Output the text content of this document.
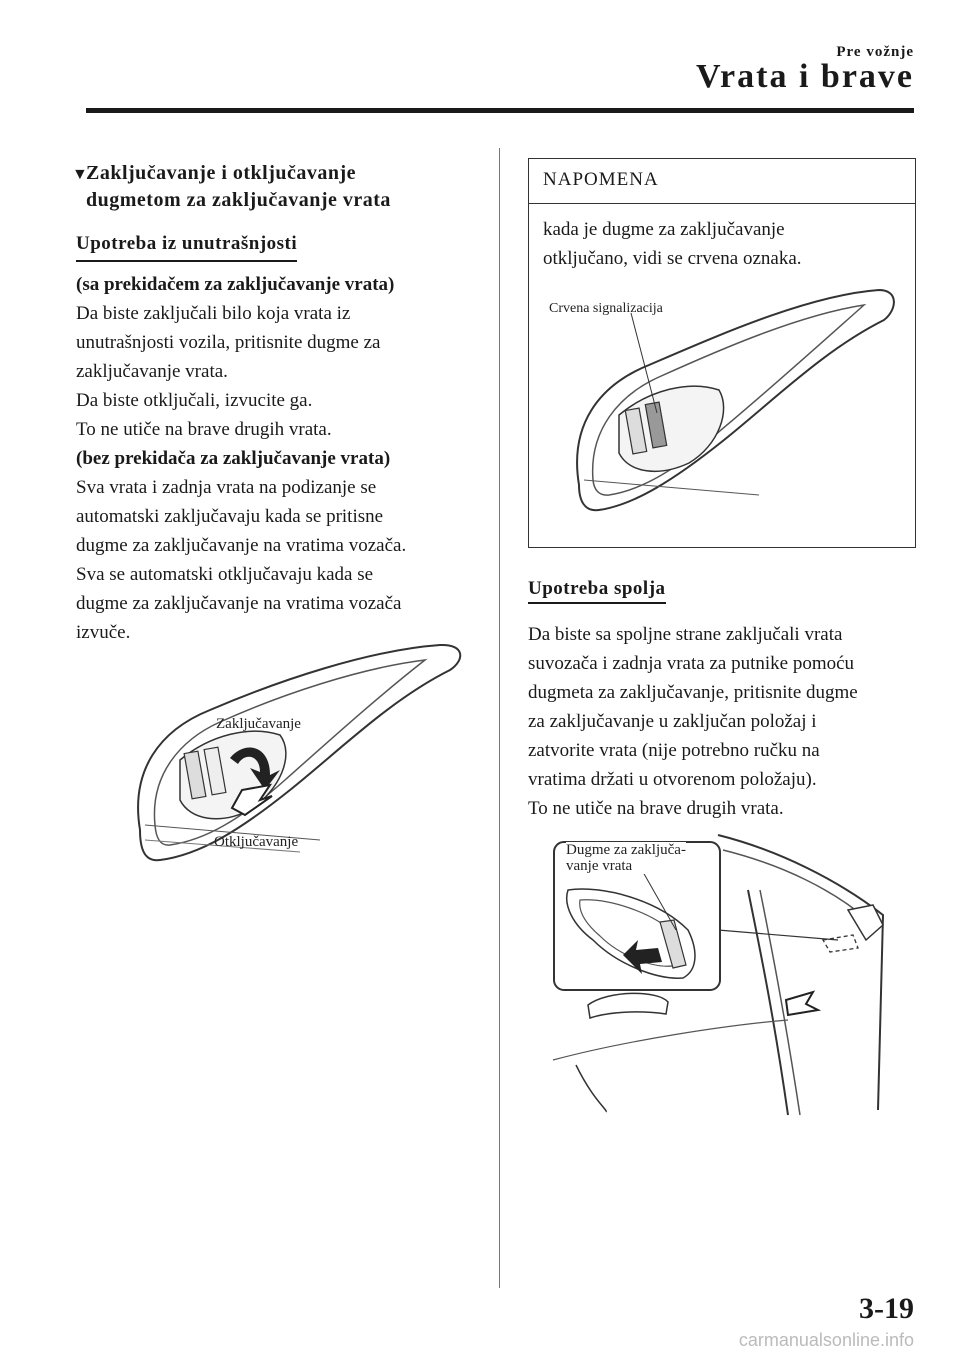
Pre vožnje
Vrata i brave
▼
Zaključavanje i otključavanje
dugmetom za zaključavanje vrata
Upotreba iz unutrašnjosti

(sa prekidačem za zaključavanje vrata)

Da biste zaključali bilo koja vrata iz

unutrašnjosti vozila, pritisnite dugme za

zaključavanje vrata.

Da biste otključali, izvucite ga.

To ne utiče na brave drugih vrata.

(bez prekidača za zaključavanje vrata)

Sva vrata i zadnja vrata na podizanje se

automatski zaključavaju kada se pritisne

dugme za zaključavanje na vratima vozača.

Sva se automatski otključavaju kada se

dugme za zaključavanje na vratima vozača

izvuče.

Zaključavanje
Otključavanje
NAPOMENA
kada je dugme za zaključavanje
otključano, vidi se crvena oznaka.
Crvena signalizacija
Upotreba spolja

Da biste sa spoljne strane zaključali vrata

suvozača i zadnja vrata za putnike pomoću

dugmeta za zaključavanje, pritisnite dugme

za zaključavanje u zaključan položaj i

zatvorite vrata (nije potrebno ručku na

vratima držati u otvorenom položaju).

To ne utiče na brave drugih vrata.

Dugme za zaključa-
vanje vrata
3-19
carmanualsonline.info
